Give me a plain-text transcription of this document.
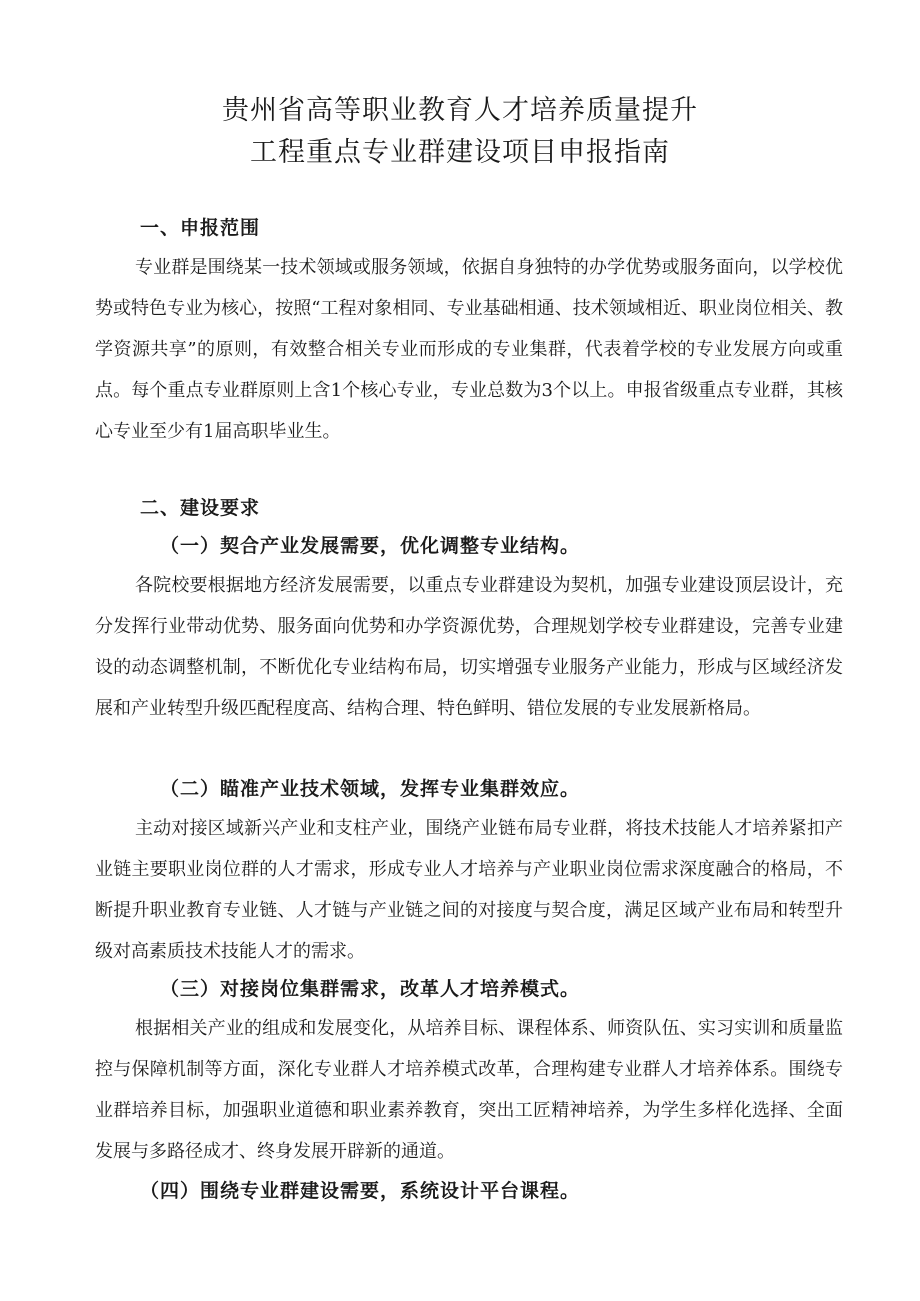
贵州省高等职业教育人才培养质量提升
工程重点专业群建设项目申报指南
一、申报范围

专业群是围绕某一技术领域或服务领域，依据自身独特的办学优势或服务面向，以学校优势或特色专业为核心，按照“工程对象相同、专业基础相通、技术领域相近、职业岗位相关、教学资源共享”的原则，有效整合相关专业而形成的专业集群，代表着学校的专业发展方向或重点。每个重点专业群原则上含1个核心专业，专业总数为3个以上。申报省级重点专业群，其核心专业至少有1届高职毕业生。

二、建设要求
（一）契合产业发展需要，优化调整专业结构。

各院校要根据地方经济发展需要，以重点专业群建设为契机，加强专业建设顶层设计，充分发挥行业带动优势、服务面向优势和办学资源优势，合理规划学校专业群建设，完善专业建设的动态调整机制，不断优化专业结构布局，切实增强专业服务产业能力，形成与区域经济发展和产业转型升级匹配程度高、结构合理、特色鲜明、错位发展的专业发展新格局。

（二）瞄准产业技术领域，发挥专业集群效应。

主动对接区域新兴产业和支柱产业，围绕产业链布局专业群，将技术技能人才培养紧扣产业链主要职业岗位群的人才需求，形成专业人才培养与产业职业岗位需求深度融合的格局，不断提升职业教育专业链、人才链与产业链之间的对接度与契合度，满足区域产业布局和转型升级对高素质技术技能人才的需求。

（三）对接岗位集群需求，改革人才培养模式。

根据相关产业的组成和发展变化，从培养目标、课程体系、师资队伍、实习实训和质量监控与保障机制等方面，深化专业群人才培养模式改革，合理构建专业群人才培养体系。围绕专业群培养目标，加强职业道德和职业素养教育，突出工匠精神培养，为学生多样化选择、全面发展与多路径成才、终身发展开辟新的通道。

（四）围绕专业群建设需要，系统设计平台课程。
